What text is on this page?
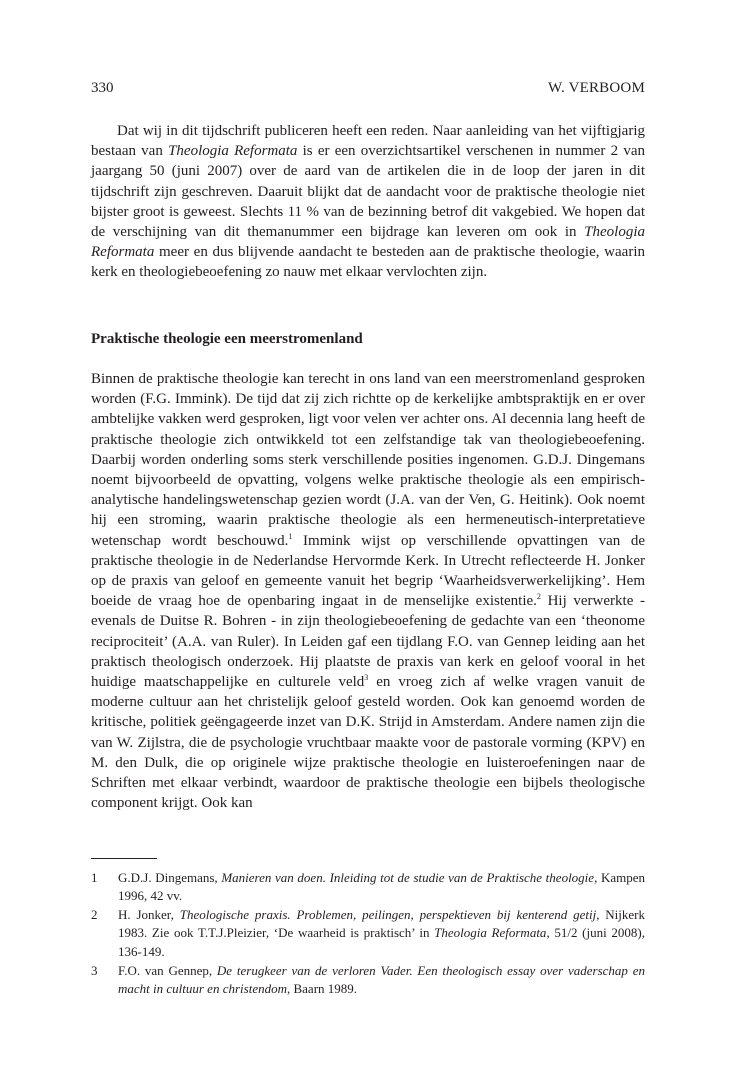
330	W. VERBOOM
Dat wij in dit tijdschrift publiceren heeft een reden. Naar aanleiding van het vijftigjarig bestaan van Theologia Reformata is er een overzichtsartikel verschenen in nummer 2 van jaargang 50 (juni 2007) over de aard van de artikelen die in de loop der jaren in dit tijdschrift zijn geschreven. Daaruit blijkt dat de aandacht voor de praktische theologie niet bijster groot is geweest. Slechts 11 % van de bezinning betrof dit vakgebied. We hopen dat de verschijning van dit themanummer een bijdrage kan leveren om ook in Theologia Reformata meer en dus blijvende aandacht te besteden aan de praktische theologie, waarin kerk en theologiebeoefening zo nauw met elkaar vervlochten zijn.
Praktische theologie een meerstromenland
Binnen de praktische theologie kan terecht in ons land van een meerstromenland gesproken worden (F.G. Immink). De tijd dat zij zich richtte op de kerkelijke ambtspraktijk en er over ambtelijke vakken werd gesproken, ligt voor velen ver achter ons. Al decennia lang heeft de praktische theologie zich ontwikkeld tot een zelfstandige tak van theologiebeoefening. Daarbij worden onderling soms sterk verschillende posities ingenomen. G.D.J. Dingemans noemt bijvoorbeeld de opvatting, volgens welke praktische theologie als een empirisch-analytische handelingswetenschap gezien wordt (J.A. van der Ven, G. Heitink). Ook noemt hij een stroming, waarin praktische theologie als een hermeneutisch-interpretatieve wetenschap wordt beschouwd.$^1$ Immink wijst op verschillende opvattingen van de praktische theologie in de Nederlandse Hervormde Kerk. In Utrecht reflecteerde H. Jonker op de praxis van geloof en gemeente vanuit het begrip ‘Waarheidsverwerkelijking’. Hem boeide de vraag hoe de openbaring ingaat in de menselijke existentie.$^2$ Hij verwerkte - evenals de Duitse R. Bohren - in zijn theologiebeoefening de gedachte van een ‘theonome reciprociteit’ (A.A. van Ruler). In Leiden gaf een tijdlang F.O. van Gennep leiding aan het praktisch theologisch onderzoek. Hij plaatste de praxis van kerk en geloof vooral in het huidige maatschappelijke en culturele veld$^3$ en vroeg zich af welke vragen vanuit de moderne cultuur aan het christelijk geloof gesteld worden. Ook kan genoemd worden de kritische, politiek geëngageerde inzet van D.K. Strijd in Amsterdam. Andere namen zijn die van W. Zijlstra, die de psychologie vruchtbaar maakte voor de pastorale vorming (KPV) en M. den Dulk, die op originele wijze praktische theologie en luisteroefeningen naar de Schriften met elkaar verbindt, waardoor de praktische theologie een bijbels theologische component krijgt. Ook kan
1 G.D.J. Dingemans, Manieren van doen. Inleiding tot de studie van de Praktische theologie, Kampen 1996, 42 vv.
2 H. Jonker, Theologische praxis. Problemen, peilingen, perspektieven bij kenterend getij, Nijkerk 1983. Zie ook T.T.J.Pleizier, ‘De waarheid is praktisch’ in Theologia Reformata, 51/2 (juni 2008), 136-149.
3 F.O. van Gennep, De terugkeer van de verloren Vader. Een theologisch essay over vaderschap en macht in cultuur en christendom, Baarn 1989.
